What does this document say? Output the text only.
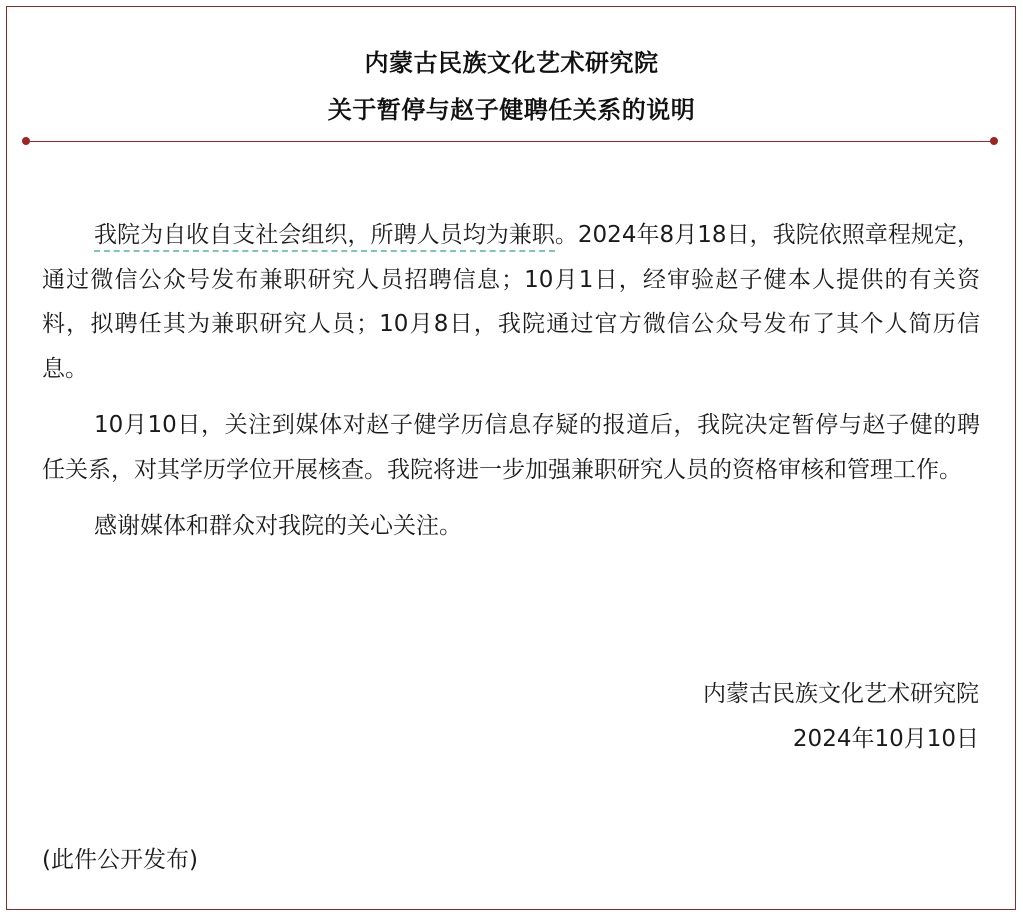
内蒙古民族文化艺术研究院
关于暂停与赵子健聘任关系的说明

我院为自收自支社会组织，所聘人员均为兼职。2024年8月18日，我院依照章程规定，通过微信公众号发布兼职研究人员招聘信息；10月1日，经审验赵子健本人提供的有关资料，拟聘任其为兼职研究人员；10月8日，我院通过官方微信公众号发布了其个人简历信息。

10月10日，关注到媒体对赵子健学历信息存疑的报道后，我院决定暂停与赵子健的聘任关系，对其学历学位开展核查。我院将进一步加强兼职研究人员的资格审核和管理工作。

感谢媒体和群众对我院的关心关注。

内蒙古民族文化艺术研究院
2024年10月10日
(此件公开发布)
